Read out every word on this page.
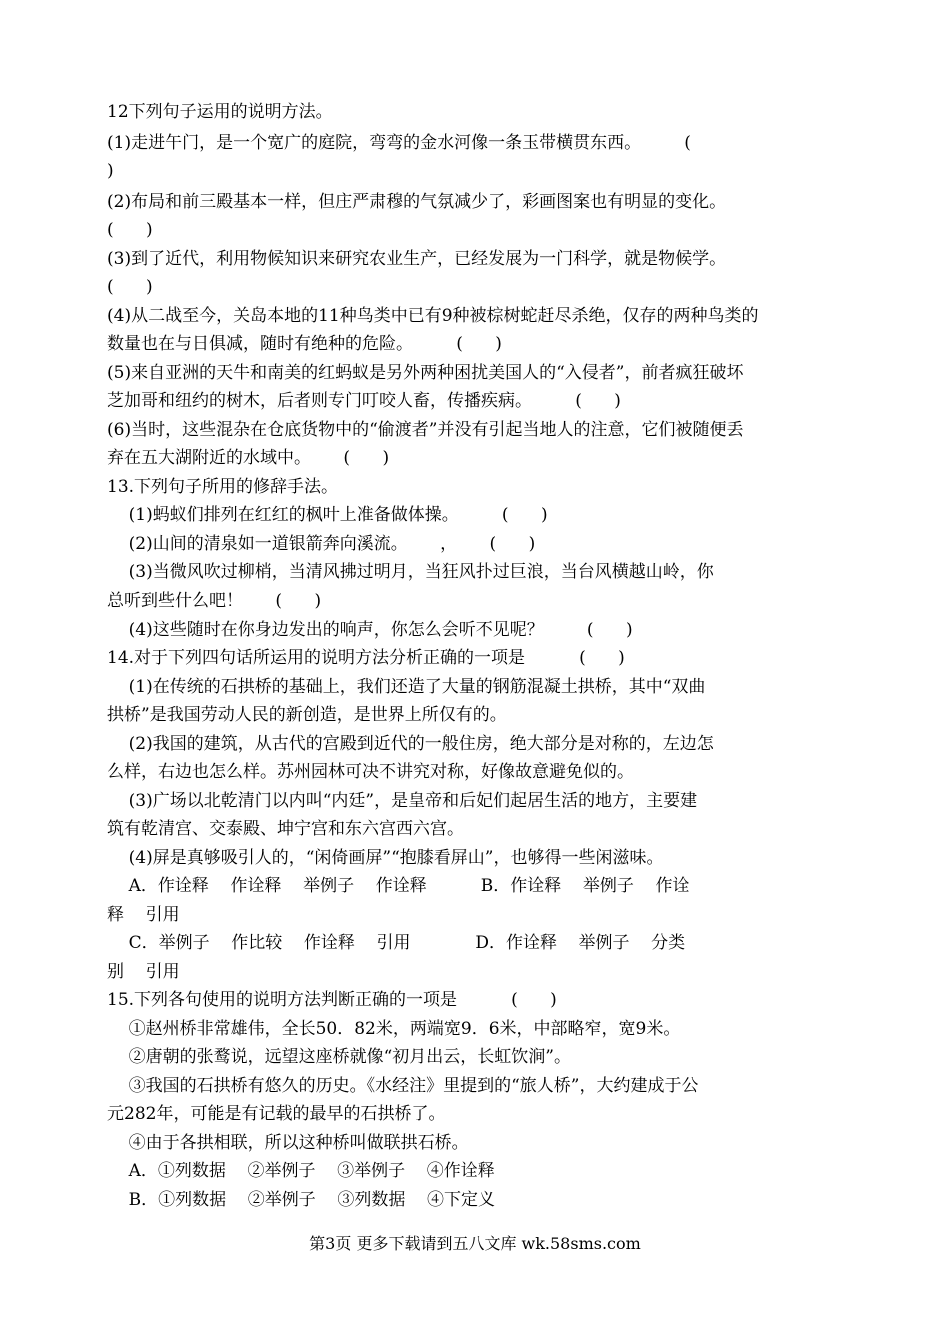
12下列句子运用的说明方法。
(1)走进午门，是一个宽广的庭院，弯弯的金水河像一条玉带横贯东西。        (
)
(2)布局和前三殿基本一样，但庄严肃穆的气氛减少了，彩画图案也有明显的变化。
(      )
(3)到了近代，利用物候知识来研究农业生产，已经发展为一门科学，就是物候学。
(      )
(4)从二战至今，关岛本地的11种鸟类中已有9种被棕树蛇赶尽杀绝，仅存的两种鸟类的
数量也在与日俱减，随时有绝种的危险。        (      )
(5)来自亚洲的天牛和南美的红蚂蚁是另外两种困扰美国人的“入侵者”，前者疯狂破坏
芝加哥和纽约的树木，后者则专门叮咬人畜，传播疾病。        (      )
(6)当时，这些混杂在仓底货物中的“偷渡者”并没有引起当地人的注意，它们被随便丢
弃在五大湖附近的水域中。      (      )
13.下列句子所用的修辞手法。
(1)蚂蚁们排列在红红的枫叶上准备做体操。        (      )
(2)山间的清泉如一道银箭奔向溪流。      ，      (      )
(3)当微风吹过柳梢，当清风拂过明月，当狂风扑过巨浪，当台风横越山岭，你
总听到些什么吧！      (      )
(4)这些随时在你身边发出的响声，你怎么会听不见呢？        (      )
14.对于下列四句话所运用的说明方法分析正确的一项是          (      )
(1)在传统的石拱桥的基础上，我们还造了大量的钢筋混凝土拱桥，其中“双曲
拱桥”是我国劳动人民的新创造，是世界上所仅有的。
(2)我国的建筑，从古代的宫殿到近代的一般住房，绝大部分是对称的，左边怎
么样，右边也怎么样。苏州园林可决不讲究对称，好像故意避免似的。
(3)广场以北乾清门以内叫“内廷”，是皇帝和后妃们起居生活的地方，主要建
筑有乾清宫、交泰殿、坤宁宫和东六宫西六宫。
(4)屏是真够吸引人的，“闲倚画屏”“抱膝看屏山”，也够得一些闲滋味。
A．作诠释    作诠释    举例子    作诠释          B．作诠释    举例子    作诠
释    引用
C．举例子    作比较    作诠释    引用            D．作诠释    举例子    分类
别    引用
15.下列各句使用的说明方法判断正确的一项是          (      )
①赵州桥非常雄伟，全长50．82米，两端宽9．6米，中部略窄，宽9米。
②唐朝的张鹜说，远望这座桥就像“初月出云，长虹饮涧”。
③我国的石拱桥有悠久的历史。《水经注》里提到的“旅人桥”，大约建成于公
元282年，可能是有记载的最早的石拱桥了。
④由于各拱相联，所以这种桥叫做联拱石桥。
A．①列数据    ②举例子    ③举例子    ④作诠释
B．①列数据    ②举例子    ③列数据    ④下定义
第3页 更多下载请到五八文库 wk.58sms.com
